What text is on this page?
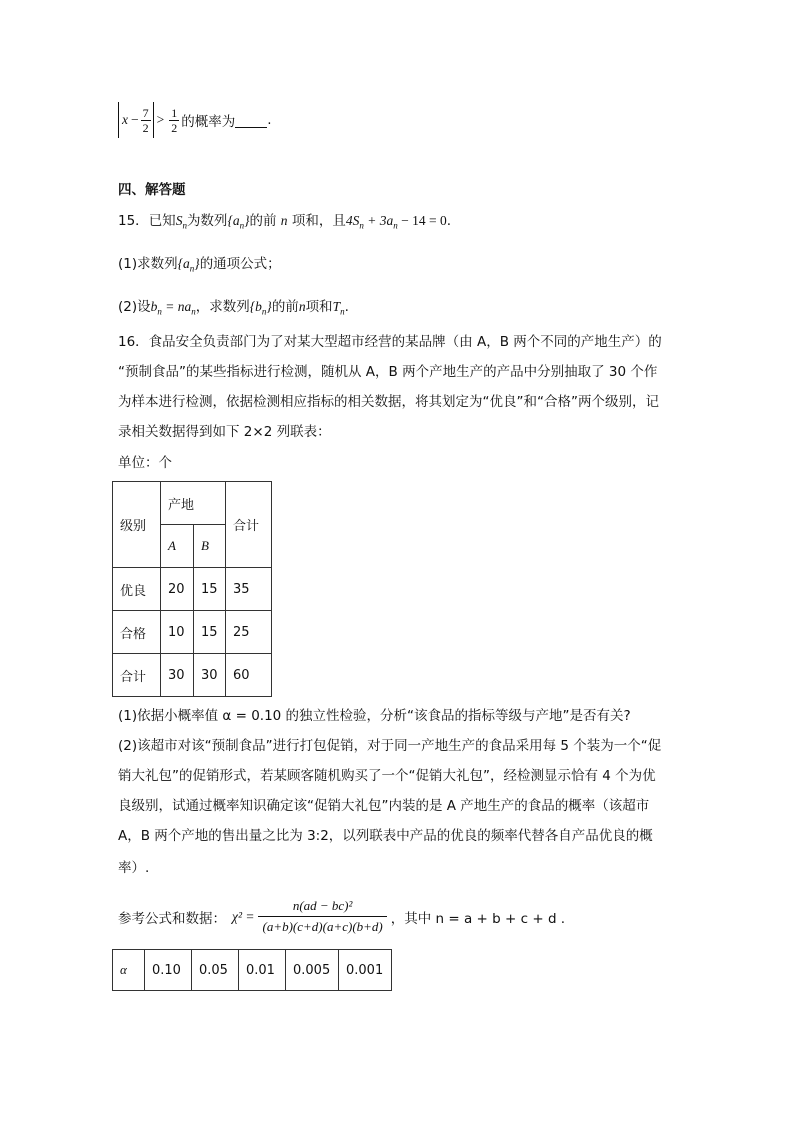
$x - \frac{7}{2} > \frac{1}{2}$ 的概率为 .
四、解答题
15．已知$S_n$为数列$\{a_n\}$的前 n 项和，且$4S_n + 3a_n - 14 = 0$.
(1)求数列$\{a_n\}$的通项公式；
(2)设$b_n = na_n$，求数列$\{b_n\}$的前n项和$T_n$.
16．食品安全负责部门为了对某大型超市经营的某品牌（由 A，B 两个不同的产地生产）的
“预制食品”的某些指标进行检测，随机从 A，B 两个产地生产的产品中分别抽取了 30 个作
为样本进行检测，依据检测相应指标的相关数据，将其划定为“优良”和“合格”两个级别，记
录相关数据得到如下 2×2 列联表：
单位：个
级别	产地		合计
	A	B	
优良	20	15	35
合格	10	15	25
合计	30	30	60
(1)依据小概率值 α = 0.10 的独立性检验，分析“该食品的指标等级与产地”是否有关?
(2)该超市对该“预制食品”进行打包促销，对于同一产地生产的食品采用每 5 个装为一个“促
销大礼包”的促销形式，若某顾客随机购买了一个“促销大礼包”，经检测显示恰有 4 个为优
良级别，试通过概率知识确定该“促销大礼包”内装的是 A 产地生产的食品的概率（该超市
A，B 两个产地的售出量之比为 3:2，以列联表中产品的优良的频率代替各自产品优良的概
率）.
参考公式和数据： $\chi^2 = \frac{\text{n(ad − bc)²}}{(a+b)(c+d)(a+c)(b+d)}$ ，其中 n = a + b + c + d .
α	0.10	0.05	0.01	0.005	0.001
